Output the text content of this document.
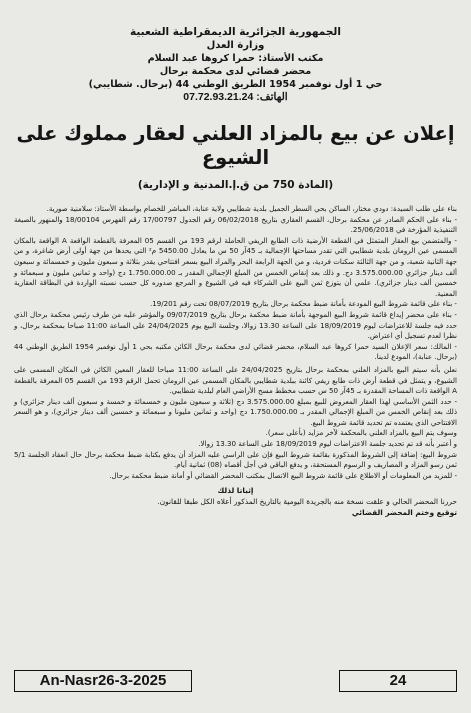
الجمهورية الجزائرية الديمقراطية الشعبية
وزارة العدل
مكتب الأستاذ: حمرا كروها عبد السلام
محضر قضائي لدى محكمة برحال
حي 1 أول نوفمبر 1954 الطريق الوطني 44 (برحال. شطايبي)
الهاتف: 07.72.93.21.24
إعلان عن بيع بالمزاد العلني لعقار مملوك على الشيوع
(المادة 750 من ق.إ.المدنية و الإدارية)

بناء على طلب السيدة: دودي مختار، الساكن بحي السطر الجميل بلدية شطايبي ولاية عنابة، المباشر للخصام بواسطة الأستاذ: سلامنية صورية.

- بناء على الحكم الصادر عن محكمة برحال، القسم العقاري بتاريخ 06/02/2018 رقم الجدول 17/00797 رقم الفهرس 18/00104 والمنهور بالصيغة التنفيذية المؤرخة في 25/06/2018.

- والمتضمن بيع العقار المتمثل في القطعة الأرضية ذات الطابع الريفي الحاملة لرقم 193 من القسم 05 المعرفة بالقطعة الواقعة A الواقعة بالمكان المسمى عين الرومان بلدية شطايبي التي تقدر مساحتها الإجمالية بـ 45آر 50 س ما يعادل 5450.00 م² التي يحدها من جهة أولى أرض شاغرة، و من جهة الثانية شعبة، و من جهة الثالثة سكنات فردية، و من الجهة الرابعة البحر والمراد البيع بسعر افتتاحي يقدر بثلاثة و سبعون مليون و خمسمائة و سبعون ألف دينار جزائري 3.575.000.00 دج. و ذلك بعد إنقاص الخمس من المبلغ الإجمالي المقدر بـ 1.750.000.00 دج (واحد و ثمانين مليون و سبعمائة و خمسين ألف دينار جزائري). علمي أن يتوزع ثمن البيع على الشركاء فيه في الشيوع و المرجع صدوره كل حسب نسبته الواردة في البطاقة العقارية المعنية.

- بناء على قائمة شروط البيع المودعة بأمانة ضبط محكمة برحال بتاريخ 08/07/2019 تحت رقم 19/201.

- بناء على محضر إيداع قائمة شروط البيع الموجهة بأمانة ضبط محكمة برحال بتاريخ 09/07/2019 والمؤشر عليه من طرف رئيس محكمة برحال الذي حدد فيه جلسة للاعتراضات ليوم 18/09/2019 على الساعة 13.30 زوالا، وجلسة البيع يوم 24/04/2025 على الساعة 11:00 صباحا بمحكمة برحال، و نظرا لعدم تسجيل أي اعتراض.

- المالك: سعر الإعلان السيد حمرا كروها عبد السلام، محضر قضائي لدى محكمة برحال الكائن مكتبه بحي 1 أول نوفمبر 1954 الطريق الوطني 44 (برحال. عنابة)، المودع لدينا.

نعلن بأنه سيتم البيع بالمزاد العلني بمحكمة برحال بتاريخ 24/04/2025 على الساعة 11:00 صباحا للعقار المعين الكائن في المكان المسمى على الشيوع، و يتمثل في قطعة أرض ذات طابع ريفي كائنة ببلدية شطايبي بالمكان المسمى عين الرومان تحمل الرقم 193 من القسم 05 المعرفة بالقطعة A الواقعة ذات المساحة المقدرة بـ 45آر 50 س حسب مخطط مسح الأراضي العام لبلدية شطايبي.

- حدد الثمن الأساسي لهذا العقار المعروض للبيع بمبلغ 3.575.000.00 دج (ثلاثة و سبعون مليون و خمسمائة و خمسة و سبعون ألف دينار جزائري) و ذلك بعد إنقاص الخمس من المبلغ الإجمالي المقدر بـ 1.750.000.00 دج (واحد و ثمانين مليونا و سبعمائة و خمسين ألف دينار جزائري)، و هو السعر الافتتاحي الذي يعتمده تم تحديد قائمة شروط البيع.

وسوف يتم البيع بالمزاد العلني بالمحكمة لآخر مزايد (بأعلى سعر).

و أعتبر بأنه قد تم تحديد جلسة الاعتراضات ليوم 18/09/2019 على الساعة 13.30 زوالا.

شروط البيع: إضافة إلى الشروط المذكورة بقائمة شروط البيع فإن على الراسي عليه المزاد أن يدفع بكتابة ضبط محكمة برحال حال انعقاد الجلسة 5/1 ثمن رسو المزاد و المصاريف و الرسوم المستحقة، و يدفع الباقي في أجل أقصاه (08) ثمانية أيام.

- للمزيد من المعلومات أو الاطلاع على قائمة شروط البيع الاتصال بمكتب المحضر القضائي أو أمانة ضبط محكمة برحال.

إثباتا لذلك
حررنا المحضر الحالي و علقت نسخة منه بالجريدة اليومية بالتاريخ المذكور أعلاه الكل طبقا للقانون.
توقيع وختم المحضر القضائي
An-Nasr26-3-2025	24
